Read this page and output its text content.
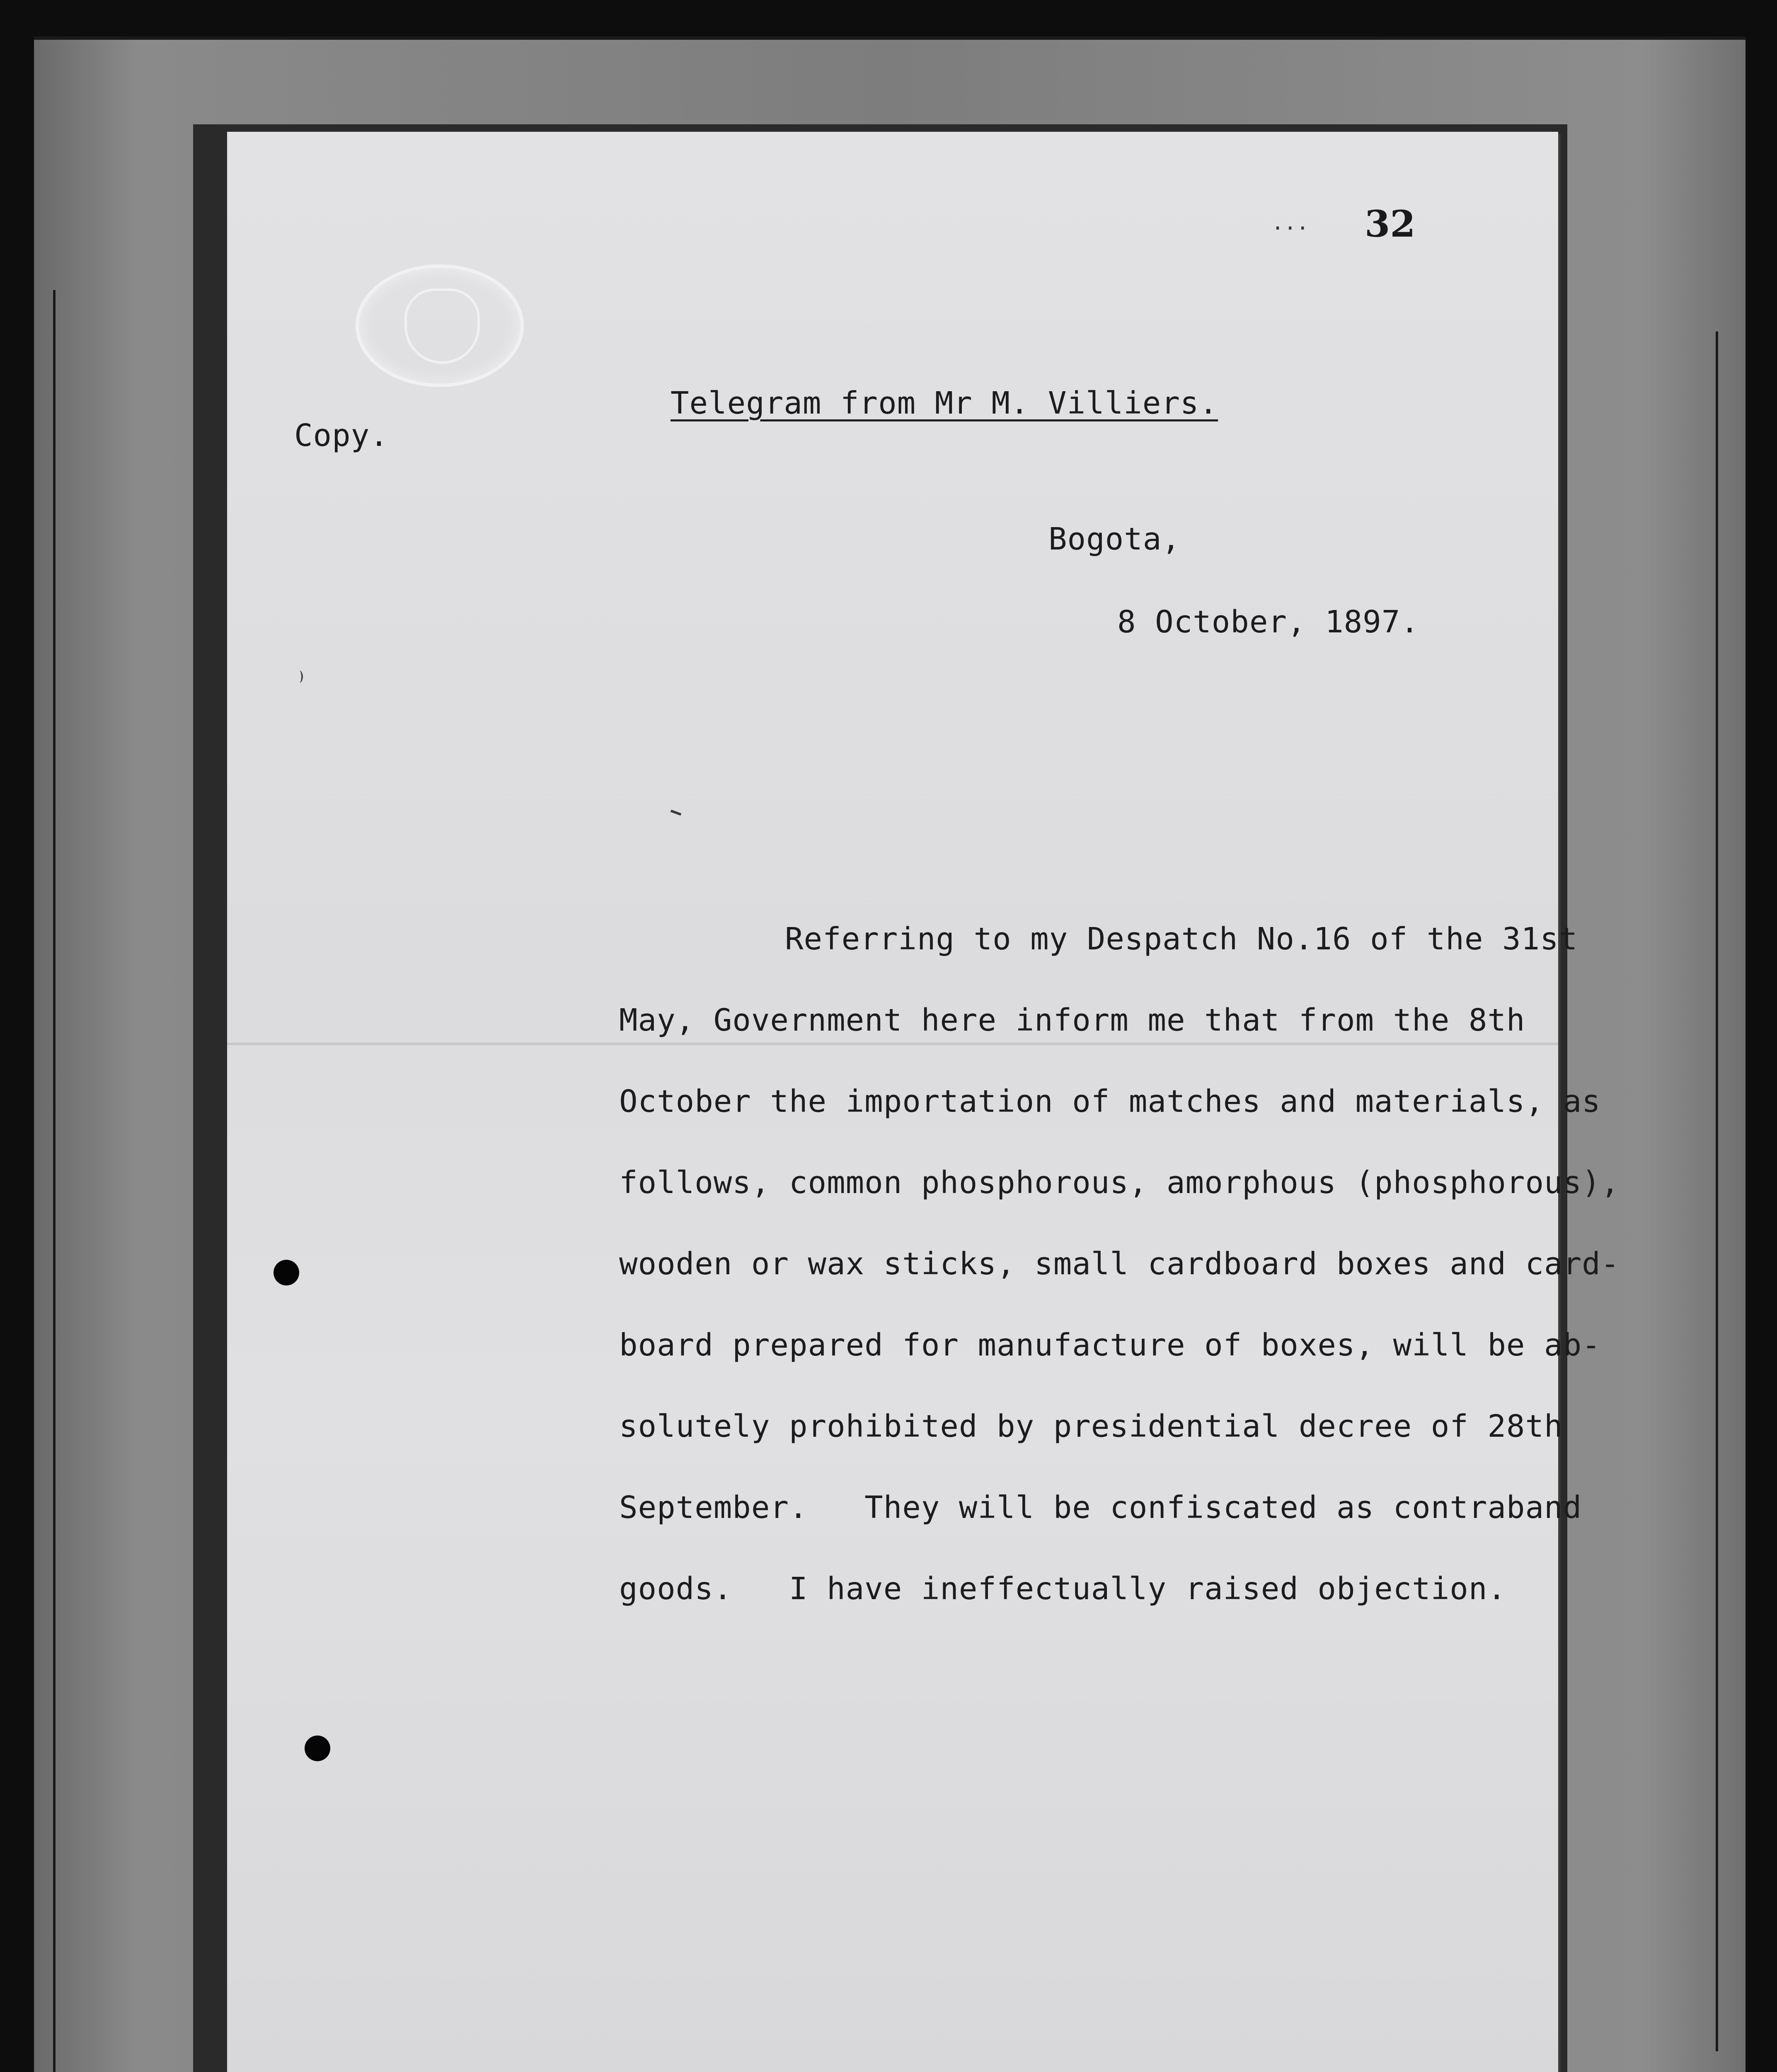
... 32
Telegram from Mr M. Villiers.
Copy.
Bogota,
8 October, 1897.
Referring to my Despatch No.16 of the 31st
May, Government here inform me that from the 8th
October the importation of matches and materials, as
follows, common phosphorous, amorphous (phosphorous),
wooden or wax sticks, small cardboard boxes and card-
board prepared for manufacture of boxes, will be ab-
solutely prohibited by presidential decree of 28th
September.   They will be confiscated as contraband
goods.   I have ineffectually raised objection.
